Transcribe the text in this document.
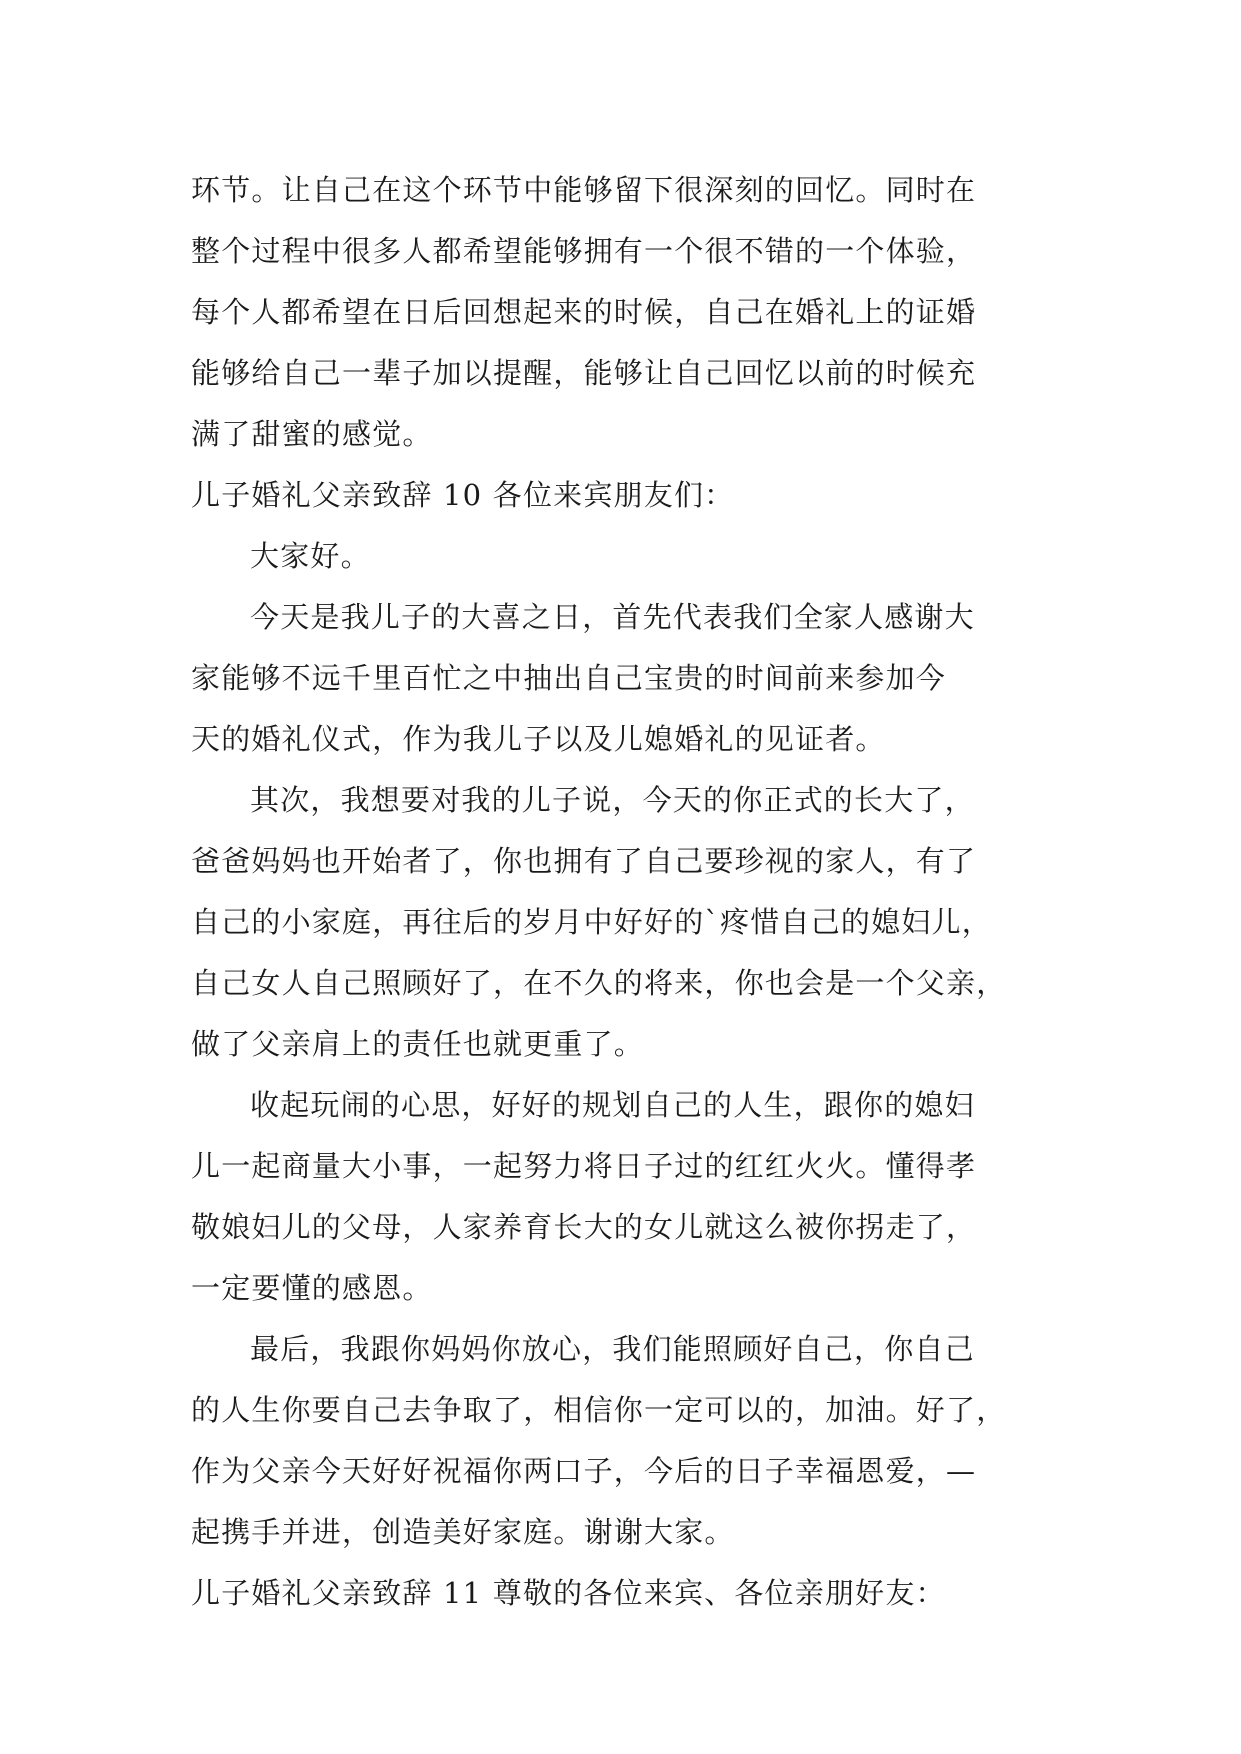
环节。让自己在这个环节中能够留下很深刻的回忆。同时在
整个过程中很多人都希望能够拥有一个很不错的一个体验，
每个人都希望在日后回想起来的时候，自己在婚礼上的证婚
能够给自己一辈子加以提醒，能够让自己回忆以前的时候充
满了甜蜜的感觉。
儿子婚礼父亲致辞 10 各位来宾朋友们：
大家好。
今天是我儿子的大喜之日，首先代表我们全家人感谢大
家能够不远千里百忙之中抽出自己宝贵的时间前来参加今
天的婚礼仪式，作为我儿子以及儿媳婚礼的见证者。
其次，我想要对我的儿子说，今天的你正式的长大了，
爸爸妈妈也开始者了，你也拥有了自己要珍视的家人，有了
自己的小家庭，再往后的岁月中好好的`疼惜自己的媳妇儿，
自己女人自己照顾好了，在不久的将来，你也会是一个父亲，
做了父亲肩上的责任也就更重了。
收起玩闹的心思，好好的规划自己的人生，跟你的媳妇
儿一起商量大小事，一起努力将日子过的红红火火。懂得孝
敬娘妇儿的父母，人家养育长大的女儿就这么被你拐走了，
一定要懂的感恩。
最后，我跟你妈妈你放心，我们能照顾好自己，你自己
的人生你要自己去争取了，相信你一定可以的，加油。好了，
作为父亲今天好好祝福你两口子，今后的日子幸福恩爱，—
起携手并进，创造美好家庭。谢谢大家。
儿子婚礼父亲致辞 11 尊敬的各位来宾、各位亲朋好友：
